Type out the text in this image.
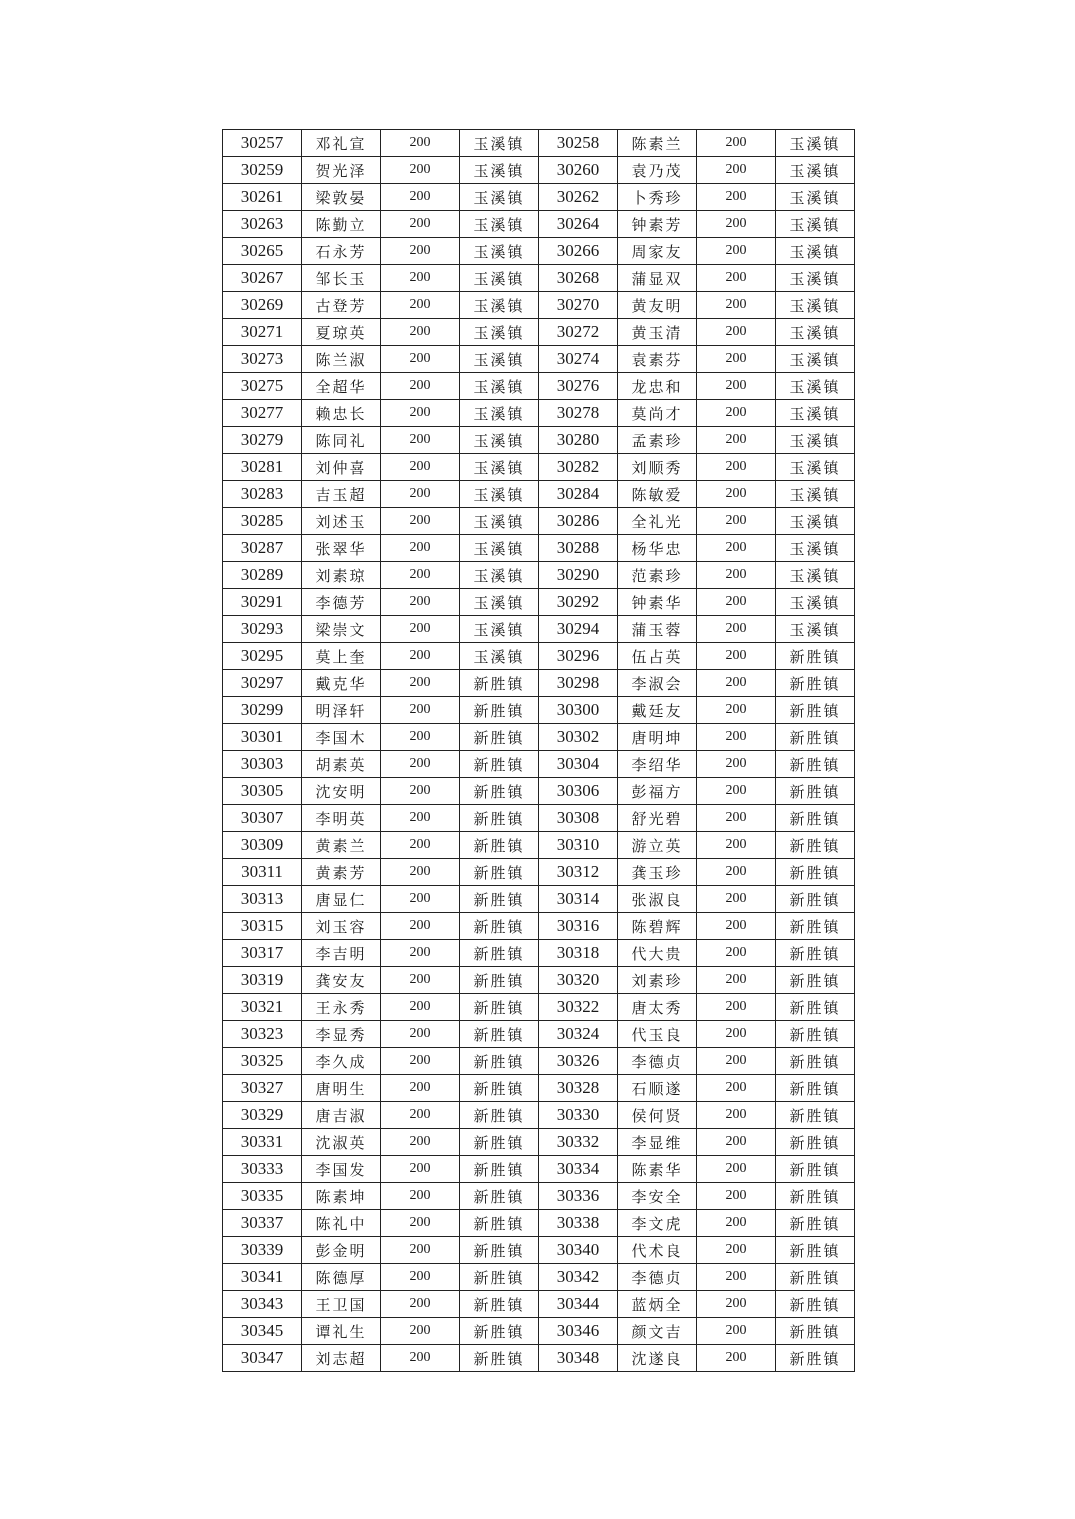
30257	邓礼宣	200	玉溪镇	30258	陈素兰	200	玉溪镇
30259	贺光泽	200	玉溪镇	30260	袁乃茂	200	玉溪镇
30261	梁敦晏	200	玉溪镇	30262	卜秀珍	200	玉溪镇
30263	陈勤立	200	玉溪镇	30264	钟素芳	200	玉溪镇
30265	石永芳	200	玉溪镇	30266	周家友	200	玉溪镇
30267	邹长玉	200	玉溪镇	30268	蒲显双	200	玉溪镇
30269	古登芳	200	玉溪镇	30270	黄友明	200	玉溪镇
30271	夏琼英	200	玉溪镇	30272	黄玉清	200	玉溪镇
30273	陈兰淑	200	玉溪镇	30274	袁素芬	200	玉溪镇
30275	全超华	200	玉溪镇	30276	龙忠和	200	玉溪镇
30277	赖忠长	200	玉溪镇	30278	莫尚才	200	玉溪镇
30279	陈同礼	200	玉溪镇	30280	孟素珍	200	玉溪镇
30281	刘仲喜	200	玉溪镇	30282	刘顺秀	200	玉溪镇
30283	吉玉超	200	玉溪镇	30284	陈敏爱	200	玉溪镇
30285	刘述玉	200	玉溪镇	30286	全礼光	200	玉溪镇
30287	张翠华	200	玉溪镇	30288	杨华忠	200	玉溪镇
30289	刘素琼	200	玉溪镇	30290	范素珍	200	玉溪镇
30291	李德芳	200	玉溪镇	30292	钟素华	200	玉溪镇
30293	梁崇文	200	玉溪镇	30294	蒲玉蓉	200	玉溪镇
30295	莫上奎	200	玉溪镇	30296	伍占英	200	新胜镇
30297	戴克华	200	新胜镇	30298	李淑会	200	新胜镇
30299	明泽轩	200	新胜镇	30300	戴廷友	200	新胜镇
30301	李国木	200	新胜镇	30302	唐明坤	200	新胜镇
30303	胡素英	200	新胜镇	30304	李绍华	200	新胜镇
30305	沈安明	200	新胜镇	30306	彭福方	200	新胜镇
30307	李明英	200	新胜镇	30308	舒光碧	200	新胜镇
30309	黄素兰	200	新胜镇	30310	游立英	200	新胜镇
30311	黄素芳	200	新胜镇	30312	龚玉珍	200	新胜镇
30313	唐显仁	200	新胜镇	30314	张淑良	200	新胜镇
30315	刘玉容	200	新胜镇	30316	陈碧辉	200	新胜镇
30317	李吉明	200	新胜镇	30318	代大贵	200	新胜镇
30319	龚安友	200	新胜镇	30320	刘素珍	200	新胜镇
30321	王永秀	200	新胜镇	30322	唐太秀	200	新胜镇
30323	李显秀	200	新胜镇	30324	代玉良	200	新胜镇
30325	李久成	200	新胜镇	30326	李德贞	200	新胜镇
30327	唐明生	200	新胜镇	30328	石顺遂	200	新胜镇
30329	唐吉淑	200	新胜镇	30330	侯何贤	200	新胜镇
30331	沈淑英	200	新胜镇	30332	李显维	200	新胜镇
30333	李国发	200	新胜镇	30334	陈素华	200	新胜镇
30335	陈素坤	200	新胜镇	30336	李安全	200	新胜镇
30337	陈礼中	200	新胜镇	30338	李文虎	200	新胜镇
30339	彭金明	200	新胜镇	30340	代术良	200	新胜镇
30341	陈德厚	200	新胜镇	30342	李德贞	200	新胜镇
30343	王卫国	200	新胜镇	30344	蓝炳全	200	新胜镇
30345	谭礼生	200	新胜镇	30346	颜文吉	200	新胜镇
30347	刘志超	200	新胜镇	30348	沈遂良	200	新胜镇
